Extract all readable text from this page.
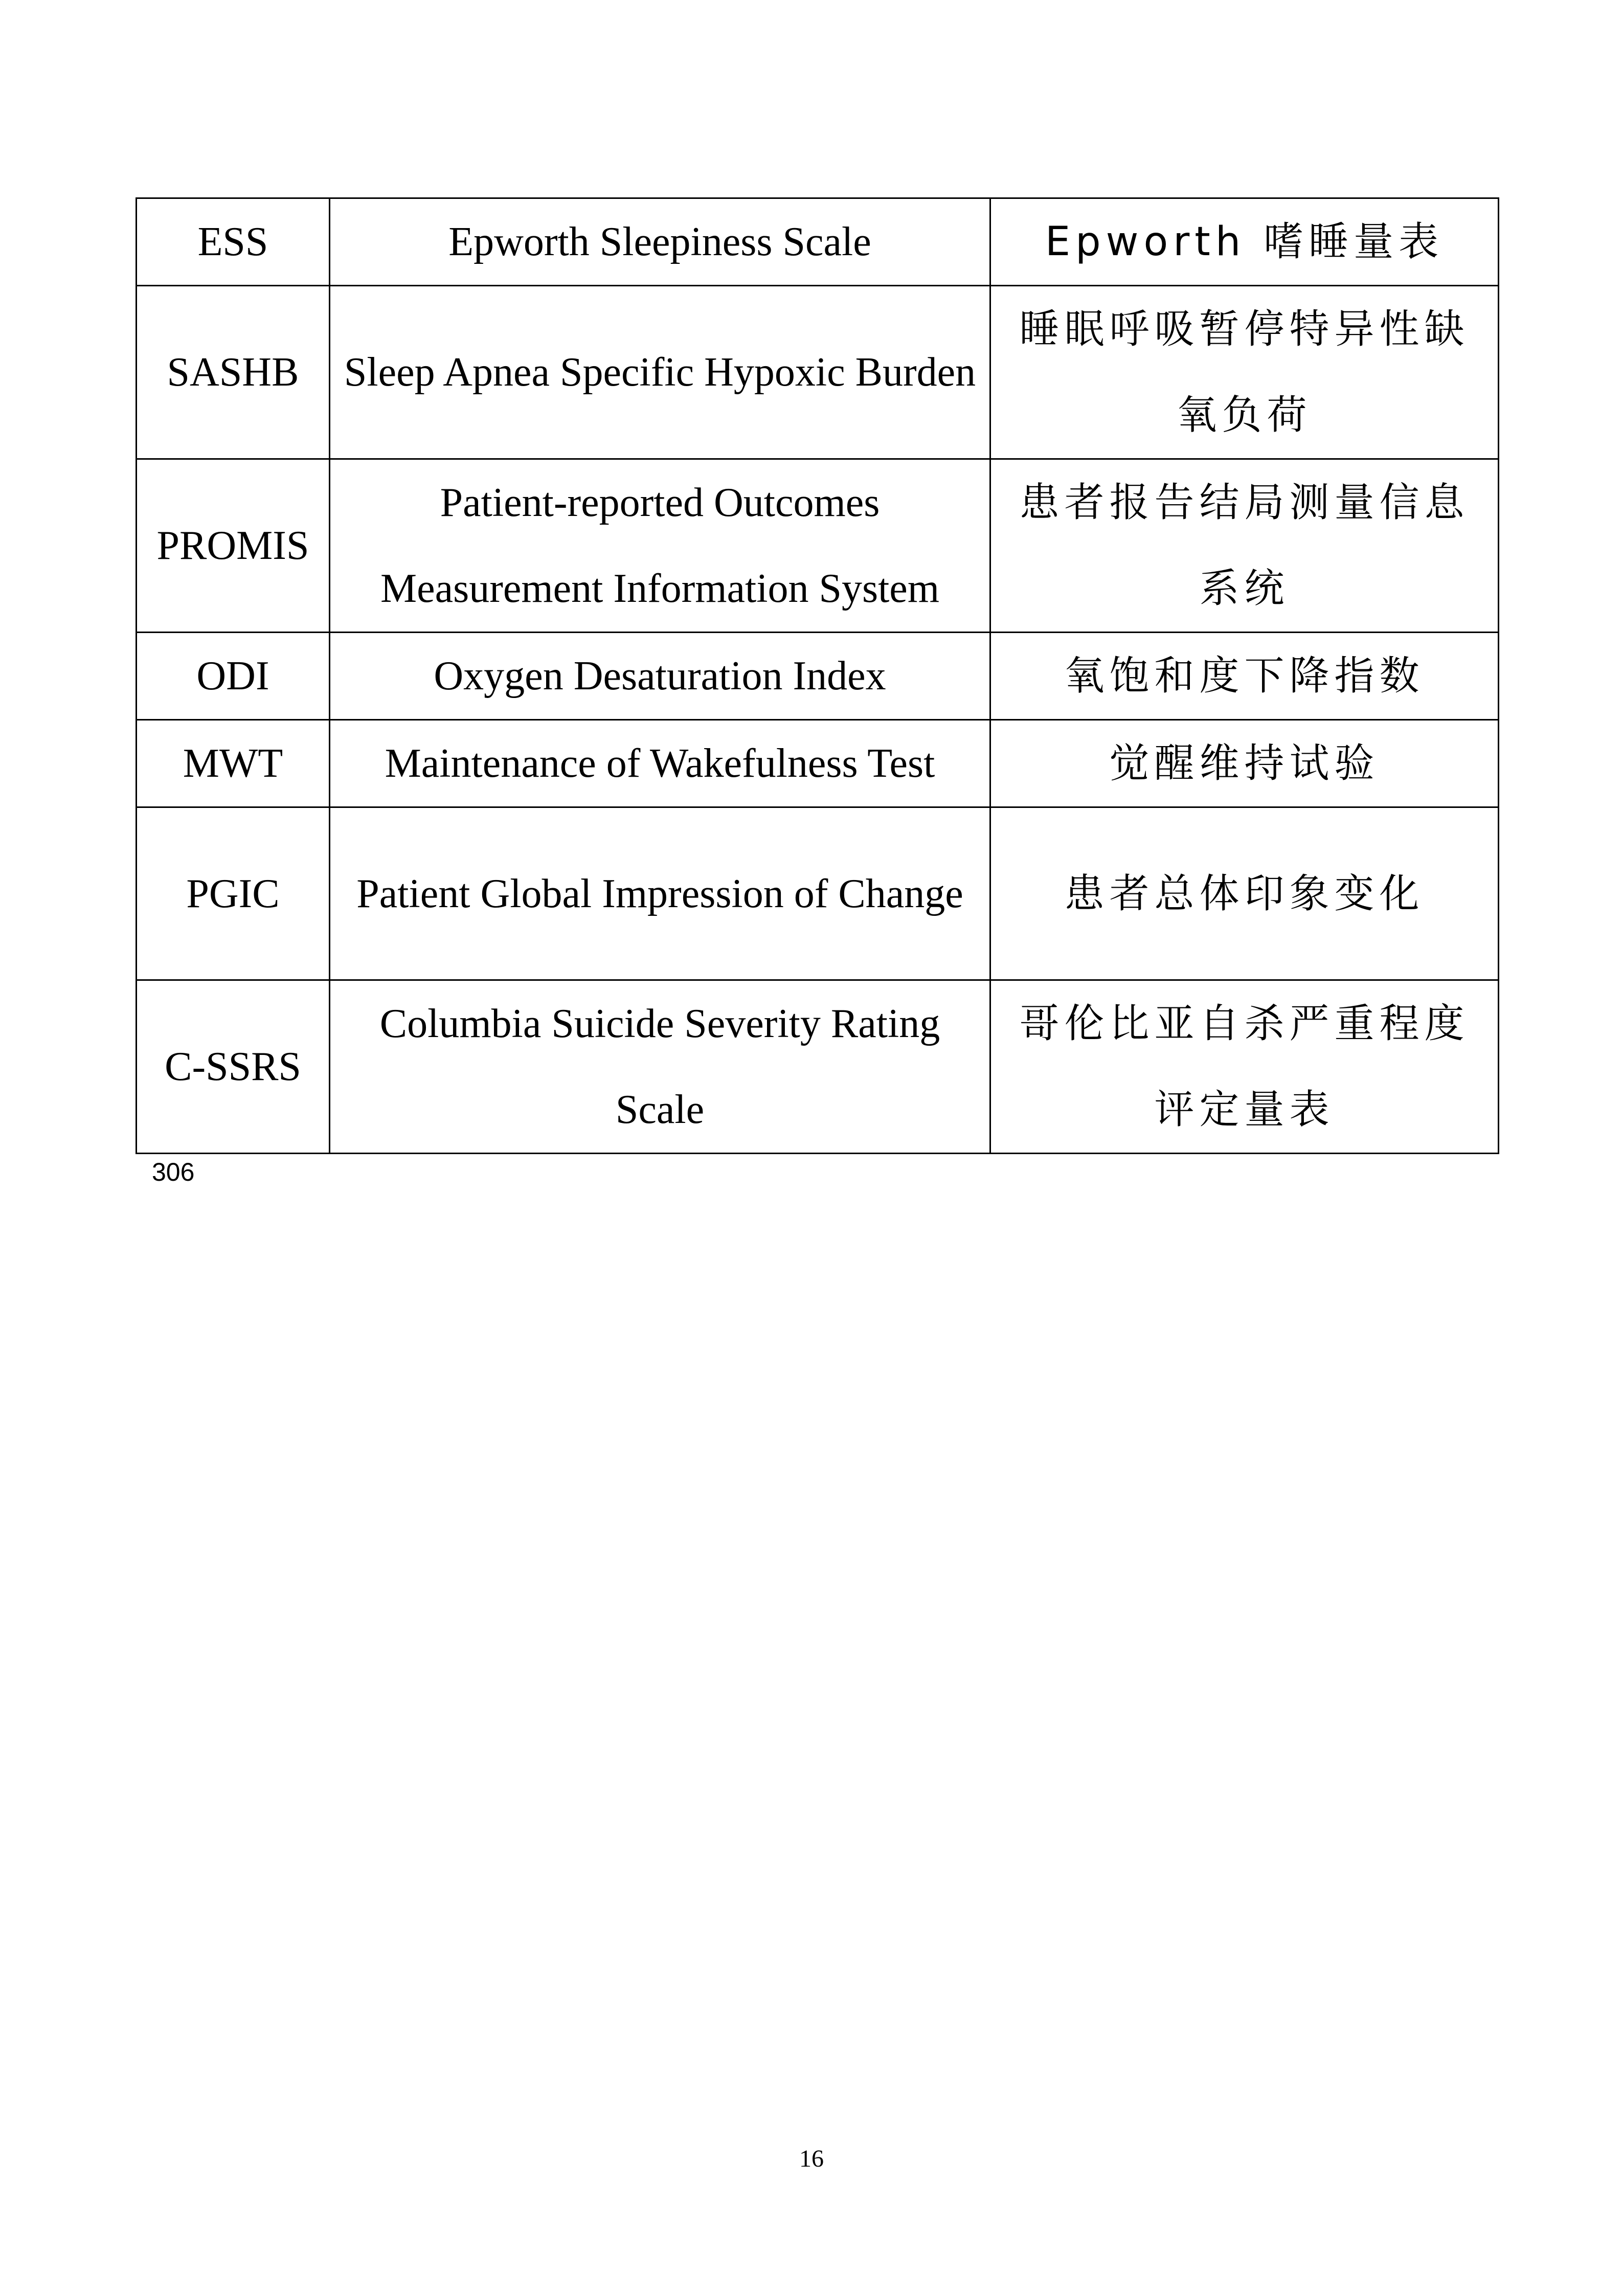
ESS	Epworth Sleepiness Scale	Epworth 嗜睡量表
SASHB	Sleep Apnea Specific Hypoxic Burden	睡眠呼吸暂停特异性缺氧负荷
PROMIS	Patient-reported Outcomes Measurement Information System	患者报告结局测量信息系统
ODI	Oxygen Desaturation Index	氧饱和度下降指数
MWT	Maintenance of Wakefulness Test	觉醒维持试验
PGIC	Patient Global Impression of Change	患者总体印象变化
C-SSRS	Columbia Suicide Severity Rating Scale	哥伦比亚自杀严重程度评定量表
306
16
